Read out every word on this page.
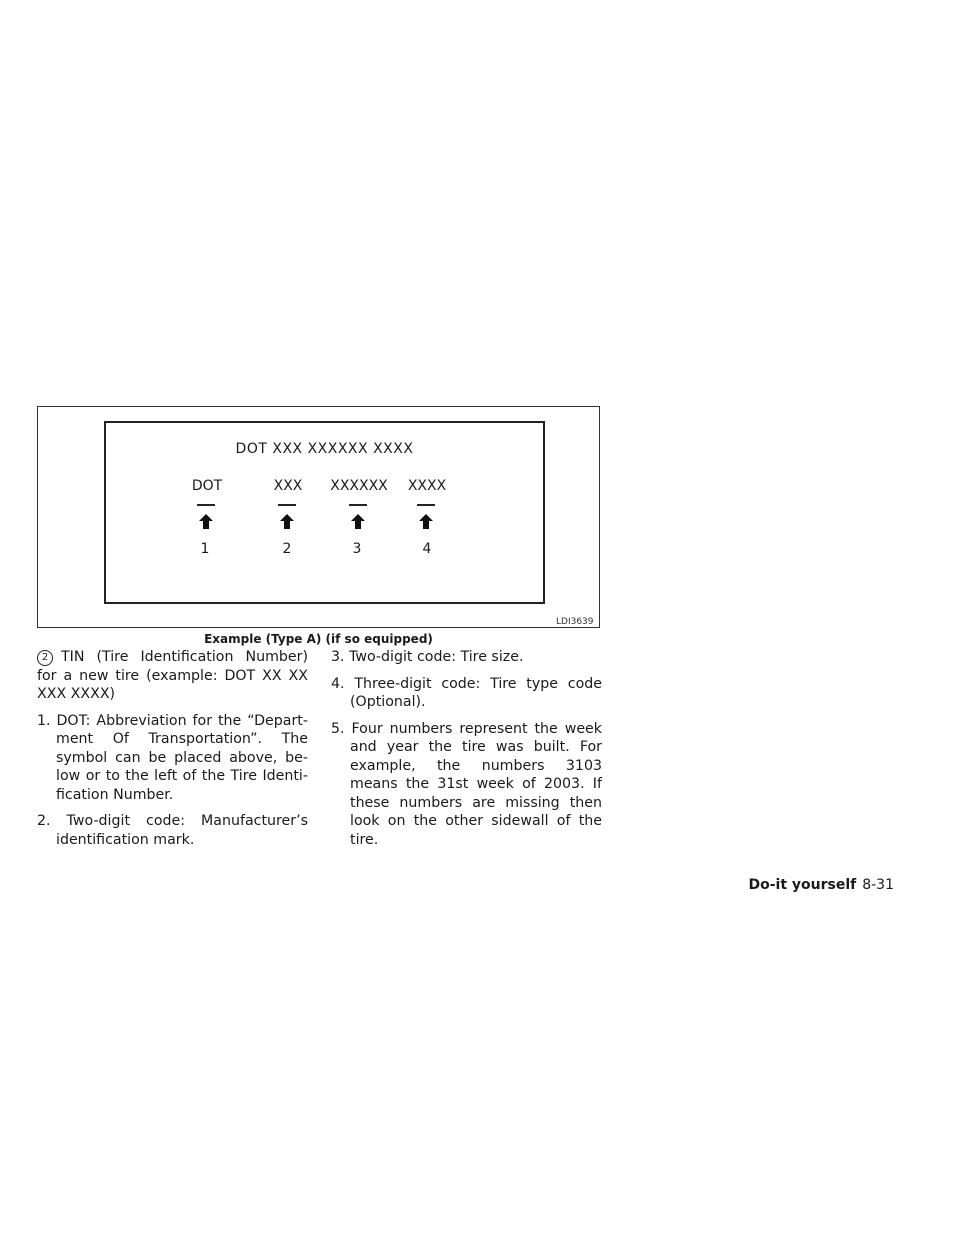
DOT XXX XXXXXX XXXX
DOT	XXX XXXXXX XXXX
1	2	3	4
LDI3639
Example (Type A) (if so equipped)

2 TIN (Tire Identification Number) for a new tire (example: DOT XX XX XXX XXXX)

1. DOT: Abbreviation for the “Department Of Transportation”. The symbol can be placed above, below or to the left of the Tire Identification Number.

2. Two-digit code: Manufacturer’s identification mark.

3. Two-digit code: Tire size.

4. Three-digit code: Tire type code (Optional).

5. Four numbers represent the week and year the tire was built. For example, the numbers 3103 means the 31st week of 2003. If these numbers are missing then look on the other sidewall of the tire.

Do-it yourself 8-31
